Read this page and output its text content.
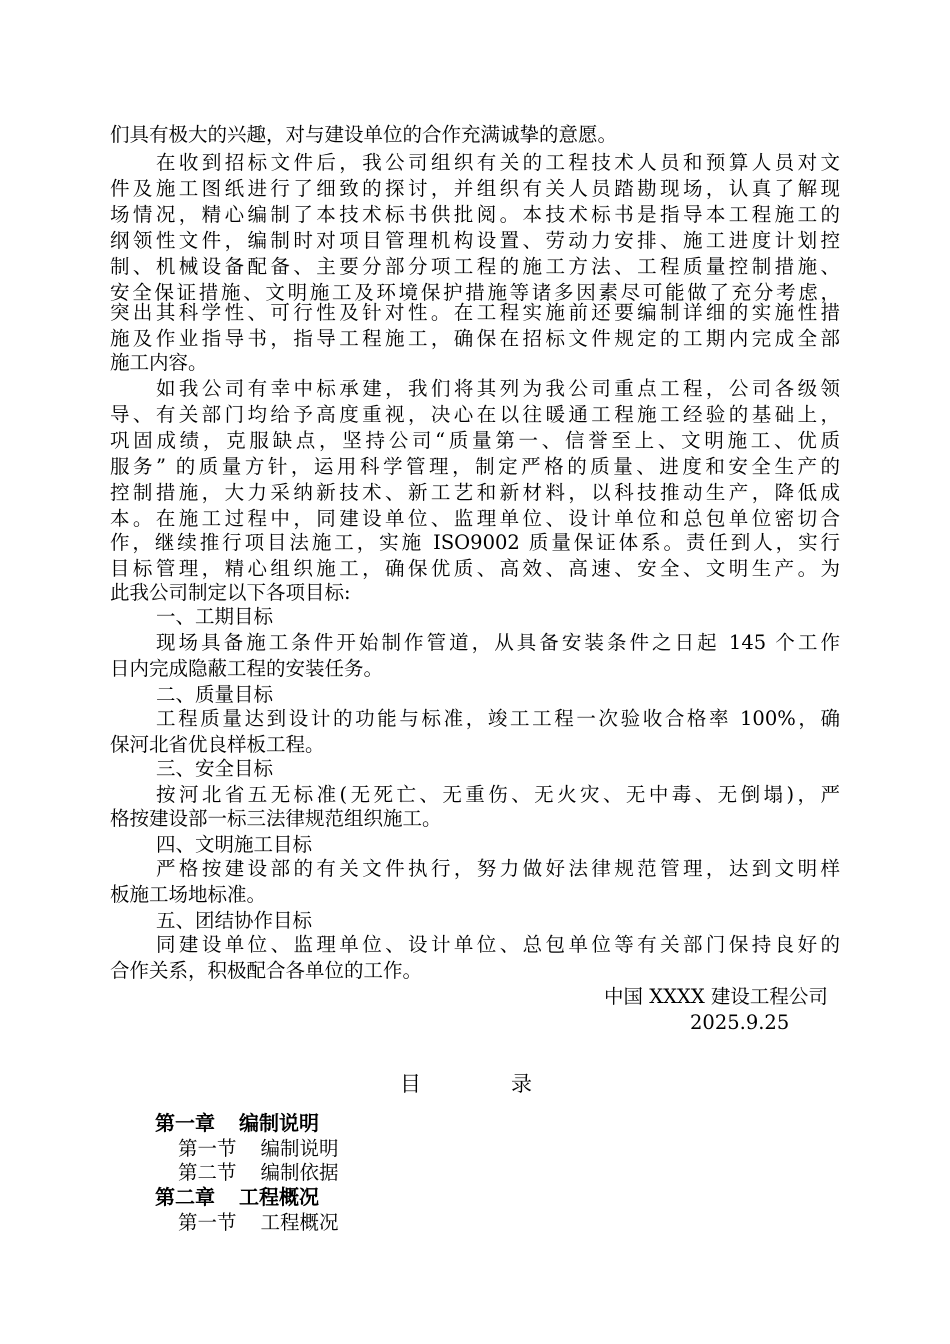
们具有极大的兴趣，对与建设单位的合作充满诚挚的意愿。
在收到招标文件后，我公司组织有关的工程技术人员和预算人员对文
件及施工图纸进行了细致的探讨，并组织有关人员踏勘现场，认真了解现
场情况，精心编制了本技术标书供批阅。本技术标书是指导本工程施工的
纲领性文件，编制时对项目管理机构设置、劳动力安排、施工进度计划控
制、机械设备配备、主要分部分项工程的施工方法、工程质量控制措施、
安全保证措施、文明施工及环境保护措施等诸多因素尽可能做了充分考虑，
突出其科学性、可行性及针对性。在工程实施前还要编制详细的实施性措
施及作业指导书，指导工程施工，确保在招标文件规定的工期内完成全部
施工内容。
如我公司有幸中标承建，我们将其列为我公司重点工程，公司各级领
导、有关部门均给予高度重视，决心在以往暖通工程施工经验的基础上，
巩固成绩，克服缺点，坚持公司“质量第一、信誉至上、文明施工、优质
服务” 的质量方针，运用科学管理，制定严格的质量、进度和安全生产的
控制措施，大力采纳新技术、新工艺和新材料，以科技推动生产，降低成
本。在施工过程中，同建设单位、监理单位、设计单位和总包单位密切合
作，继续推行项目法施工，实施 ISO9002 质量保证体系。责任到人，实行
目标管理，精心组织施工，确保优质、高效、高速、安全、文明生产。为
此我公司制定以下各项目标:
一、工期目标
现场具备施工条件开始制作管道，从具备安装条件之日起 145 个工作
日内完成隐蔽工程的安装任务。
二、质量目标
工程质量达到设计的功能与标准，竣工工程一次验收合格率 100%，确
保河北省优良样板工程。
三、安全目标
按河北省五无标准(无死亡、无重伤、无火灾、无中毒、无倒塌)，严
格按建设部一标三法律规范组织施工。
四、文明施工目标
严格按建设部的有关文件执行，努力做好法律规范管理，达到文明样
板施工场地标准。
五、团结协作目标
同建设单位、监理单位、设计单位、总包单位等有关部门保持良好的
合作关系，积极配合各单位的工作。
中国 XXXX 建设工程公司
2025.9.25
目录
第一章 编制说明
第一节 编制说明
第二节 编制依据
第二章 工程概况
第一节 工程概况
